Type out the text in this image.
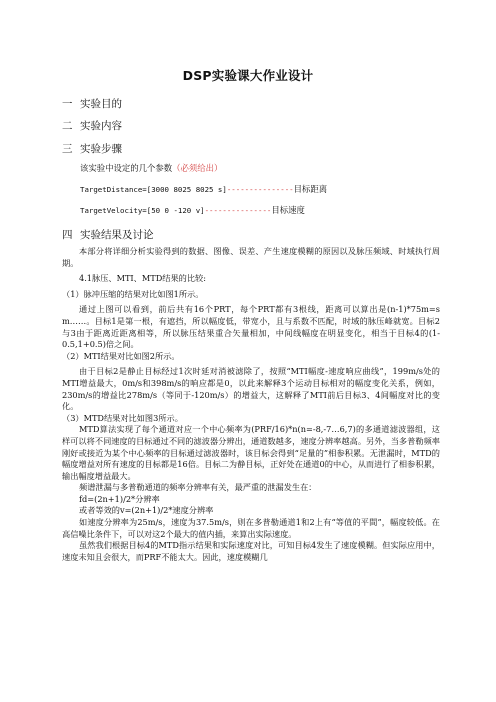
DSP实验课大作业设计
一 实验目的
二 实验内容
三 实验步骤
该实验中设定的几个参数（必须给出）
TargetDistance=[3000 8025 8025 s]---------------目标距离
TargetVelocity=[50 0 -120 v]---------------目标速度
四 实验结果及讨论

本部分将详细分析实验得到的数据、图像、误差、产生速度模糊的原因以及脉压频域、时域执行周期。

4.1脉压、MTI、MTD结果的比较:

（1）脉冲压缩的结果对比如图1所示。

通过上图可以看到，前后共有16个PRT，每个PRT都有3根线，距离可以算出是(n-1)*75m=s m……。目标1是第一根，有遮挡，所以幅度低，带宽小，且与系数不匹配，时域的脉压峰就宽。目标2与3由于距离近距离相等，所以脉压结果重合矢量相加，中间线幅度在明显变化，相当于目标4的(1-0.5,1+0.5)倍之间。

（2）MTI结果对比如图2所示。

由于目标2是静止目标经过1次时延对消被滤除了，按照“MTI幅度-速度响应曲线”，199m/s处的MTI增益最大，0m/s和398m/s的响应都是0，以此来解释3个运动目标相对的幅度变化关系，例如，230m/s的增益比278m/s（等同于-120m/s）的增益大，这解释了MTI前后目标3、4间幅度对比的变化。

（3）MTD结果对比如图3所示。

MTD算法实现了每个通道对应一个中心频率为(PRF/16)*n(n=-8,-7…6,7)的多通道滤波器组，这样可以将不同速度的目标通过不同的滤波器分辨出，通道数越多，速度分辨率越高。另外，当多普勒频率刚好或接近为某个中心频率的目标通过滤波器时，该目标会得到“足量的”相参积累。无泄漏时，MTD的幅度增益对所有速度的目标都是16倍。目标二为静目标，正好处在通道0的中心，从而进行了相参积累，输出幅度增益最大。

频谱泄漏与多普勒通道的频率分辨率有关，最严重的泄漏发生在：

fd=(2n+1)/2*分辨率

或者等效的v=(2n+1)/2*速度分辨率

如速度分辨率为25m/s，速度为37.5m/s，则在多普勒通道1和2上有“等值的平間”，幅度较低。在高信噪比条件下，可以对这2个最大的值内插，来算出实际速度。

虽然我们根据目标4的MTD指示结果和实际速度对比，可知目标4发生了速度模糊。但实际应用中，速度未知且会很大，而PRF不能太大。因此，速度模糊几
